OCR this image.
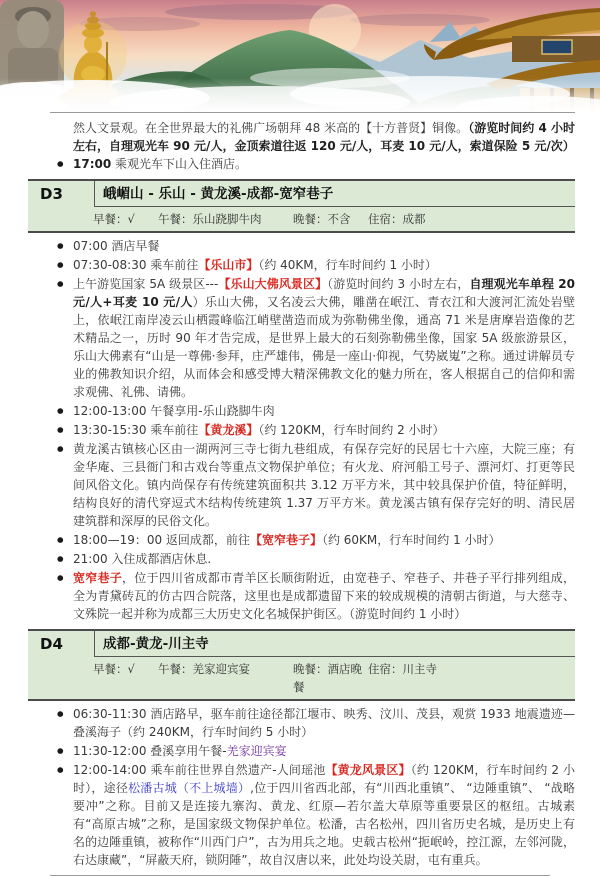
然人文景观。在全世界最大的礼佛广场朝拜 48 米高的【十方普贤】铜像。（游览时间约 4 小时左右，自理观光车 90 元/人，金顶索道往返 120 元/人，耳麦 10 元/人，索道保险 5 元/次）
● 17:00 乘观光车下山入住酒店。
D3	峨嵋山 - 乐山 - 黄龙溪-成都-宽窄巷子
早餐：√	午餐：乐山跷脚牛肉	晚餐：不含	住宿：成都
● 07:00 酒店早餐
● 07:30-08:30 乘车前往【乐山市】（约 40KM，行车时间约 1 小时）
● 上午游览国家 5A 级景区---【乐山大佛风景区】（游览时间约 3 小时左右，自理观光车单程 20 元/人+耳麦 10 元/人）乐山大佛，又名凌云大佛，雕凿在岷江、青衣江和大渡河汇流处岩壁上，依岷江南岸凌云山栖霞峰临江峭壁凿造而成为弥勒佛坐像，通高 71 米是唐摩岩造像的艺术精品之一，历时 90 年才告完成，是世界上最大的石刻弥勒佛坐像，国家 5A 级旅游景区，乐山大佛素有“山是一尊佛·参拜，庄严雄伟，佛是一座山·仰视，气势崴嵬”之称。通过讲解员专业的佛教知识介绍，从而体会和感受博大精深佛教文化的魅力所在，客人根据自己的信仰和需求观佛、礼佛、请佛。
● 12:00-13:00 午餐享用-乐山跷脚牛肉
● 13:30-15:30 乘车前往【黄龙溪】（约 120KM，行车时间约 2 小时）
● 黄龙溪古镇核心区由一湖两河三寺七街九巷组成，有保存完好的民居七十六座，大院三座；有金华庵、三县衙门和古戏台等重点文物保护单位；有火龙、府河船工号子、漂河灯、打更等民间风俗文化。镇内尚保存有传统建筑面积共 3.12 万平方米，其中较具保护价值，特征鲜明，结构良好的清代穿逗式木结构传统建筑 1.37 万平方米。黄龙溪古镇有保存完好的明、清民居建筑群和深厚的民俗文化。
● 18:00—19：00 返回成都，前往【宽窄巷子】（约 60KM，行车时间约 1 小时）
● 21:00 入住成都酒店休息.
● 宽窄巷子，位于四川省成都市青羊区长顺街附近，由宽巷子、窄巷子、井巷子平行排列组成，全为青黛砖瓦的仿古四合院落，这里也是成都遗留下来的较成规模的清朝古街道，与大慈寺、文殊院一起并称为成都三大历史文化名城保护街区。（游览时间约 1 小时）
D4	成都-黄龙-川主寺
早餐：√	午餐：羌家迎宾宴	晚餐：酒店晚餐
住宿：川主寺
● 06:30-11:30 酒店路早，驱车前往途径都江堰市、映秀、汶川、茂县，观赏 1933 地震遗迹—叠溪海子（约 240KM，行车时间约 5 小时）
● 11:30-12:00 叠溪享用午餐-羌家迎宾宴
● 12:00-14:00 乘车前往世界自然遗产-人间瑶池【黄龙风景区】（约 120KM，行车时间约 2 小时），途径松潘古城（不上城墙）,位于四川省西北部，有“川西北重镇”、 “边陲重镇”、 “战略要冲”之称。目前又是连接九寨沟、黄龙、红原—若尔盖大草原等重要景区的枢纽。古城素有“高原古城”之称，是国家级文物保护单位。松潘，古名松州，四川省历史名城，是历史上有名的边陲重镇，被称作“川西门户”，古为用兵之地。史载古松州“扼岷岭，控江源，左邻河陇，右达康藏”，“屏蔽天府，锁阴陲”，故自汉唐以来，此处均设关尉，屯有重兵。
